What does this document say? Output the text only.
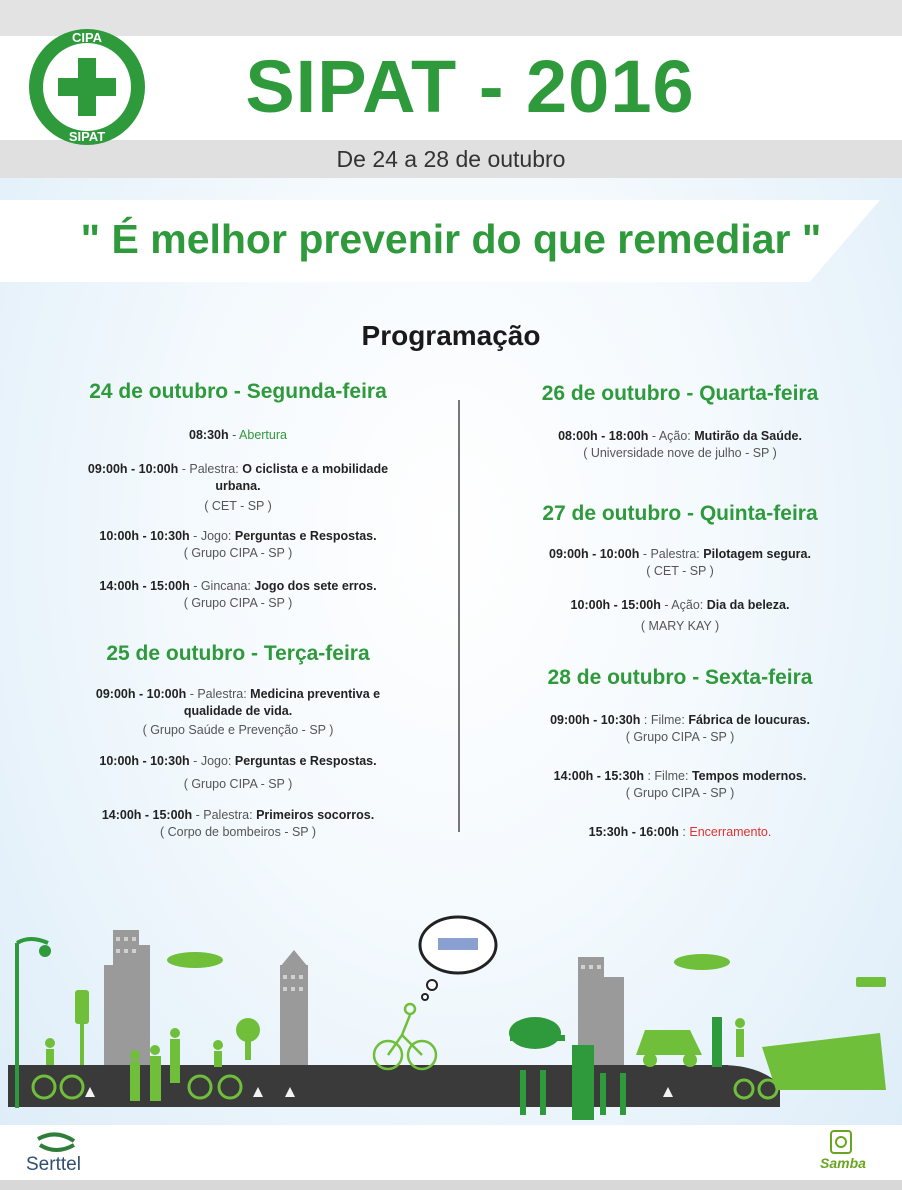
CIPA
SIPAT
SIPAT - 2016
De 24 a 28 de outubro
" É melhor prevenir do que remediar "
Programação
24 de outubro - Segunda-feira
08:30h - Abertura
09:00h - 10:00h - Palestra: O ciclista e a mobilidade
urbana.
( CET - SP )
10:00h - 10:30h - Jogo: Perguntas e Respostas.
( Grupo CIPA - SP )
14:00h - 15:00h - Gincana: Jogo dos sete erros.
( Grupo CIPA - SP )
25 de outubro - Terça-feira
09:00h - 10:00h - Palestra: Medicina preventiva e
qualidade de vida.
( Grupo Saúde e Prevenção - SP )
10:00h - 10:30h - Jogo: Perguntas e Respostas.
( Grupo CIPA - SP )
14:00h - 15:00h - Palestra: Primeiros socorros.
( Corpo de bombeiros - SP )
26 de outubro - Quarta-feira
08:00h - 18:00h - Ação: Mutirão da Saúde.
( Universidade nove de julho - SP )
27 de outubro - Quinta-feira
09:00h - 10:00h - Palestra: Pilotagem segura.
( CET - SP )
10:00h - 15:00h - Ação: Dia da beleza.
( MARY KAY )
28 de outubro - Sexta-feira
09:00h - 10:30h : Filme: Fábrica de loucuras.
( Grupo CIPA - SP )
14:00h - 15:30h : Filme: Tempos modernos.
( Grupo CIPA - SP )
15:30h - 16:00h : Encerramento.
Serttel	Samba
